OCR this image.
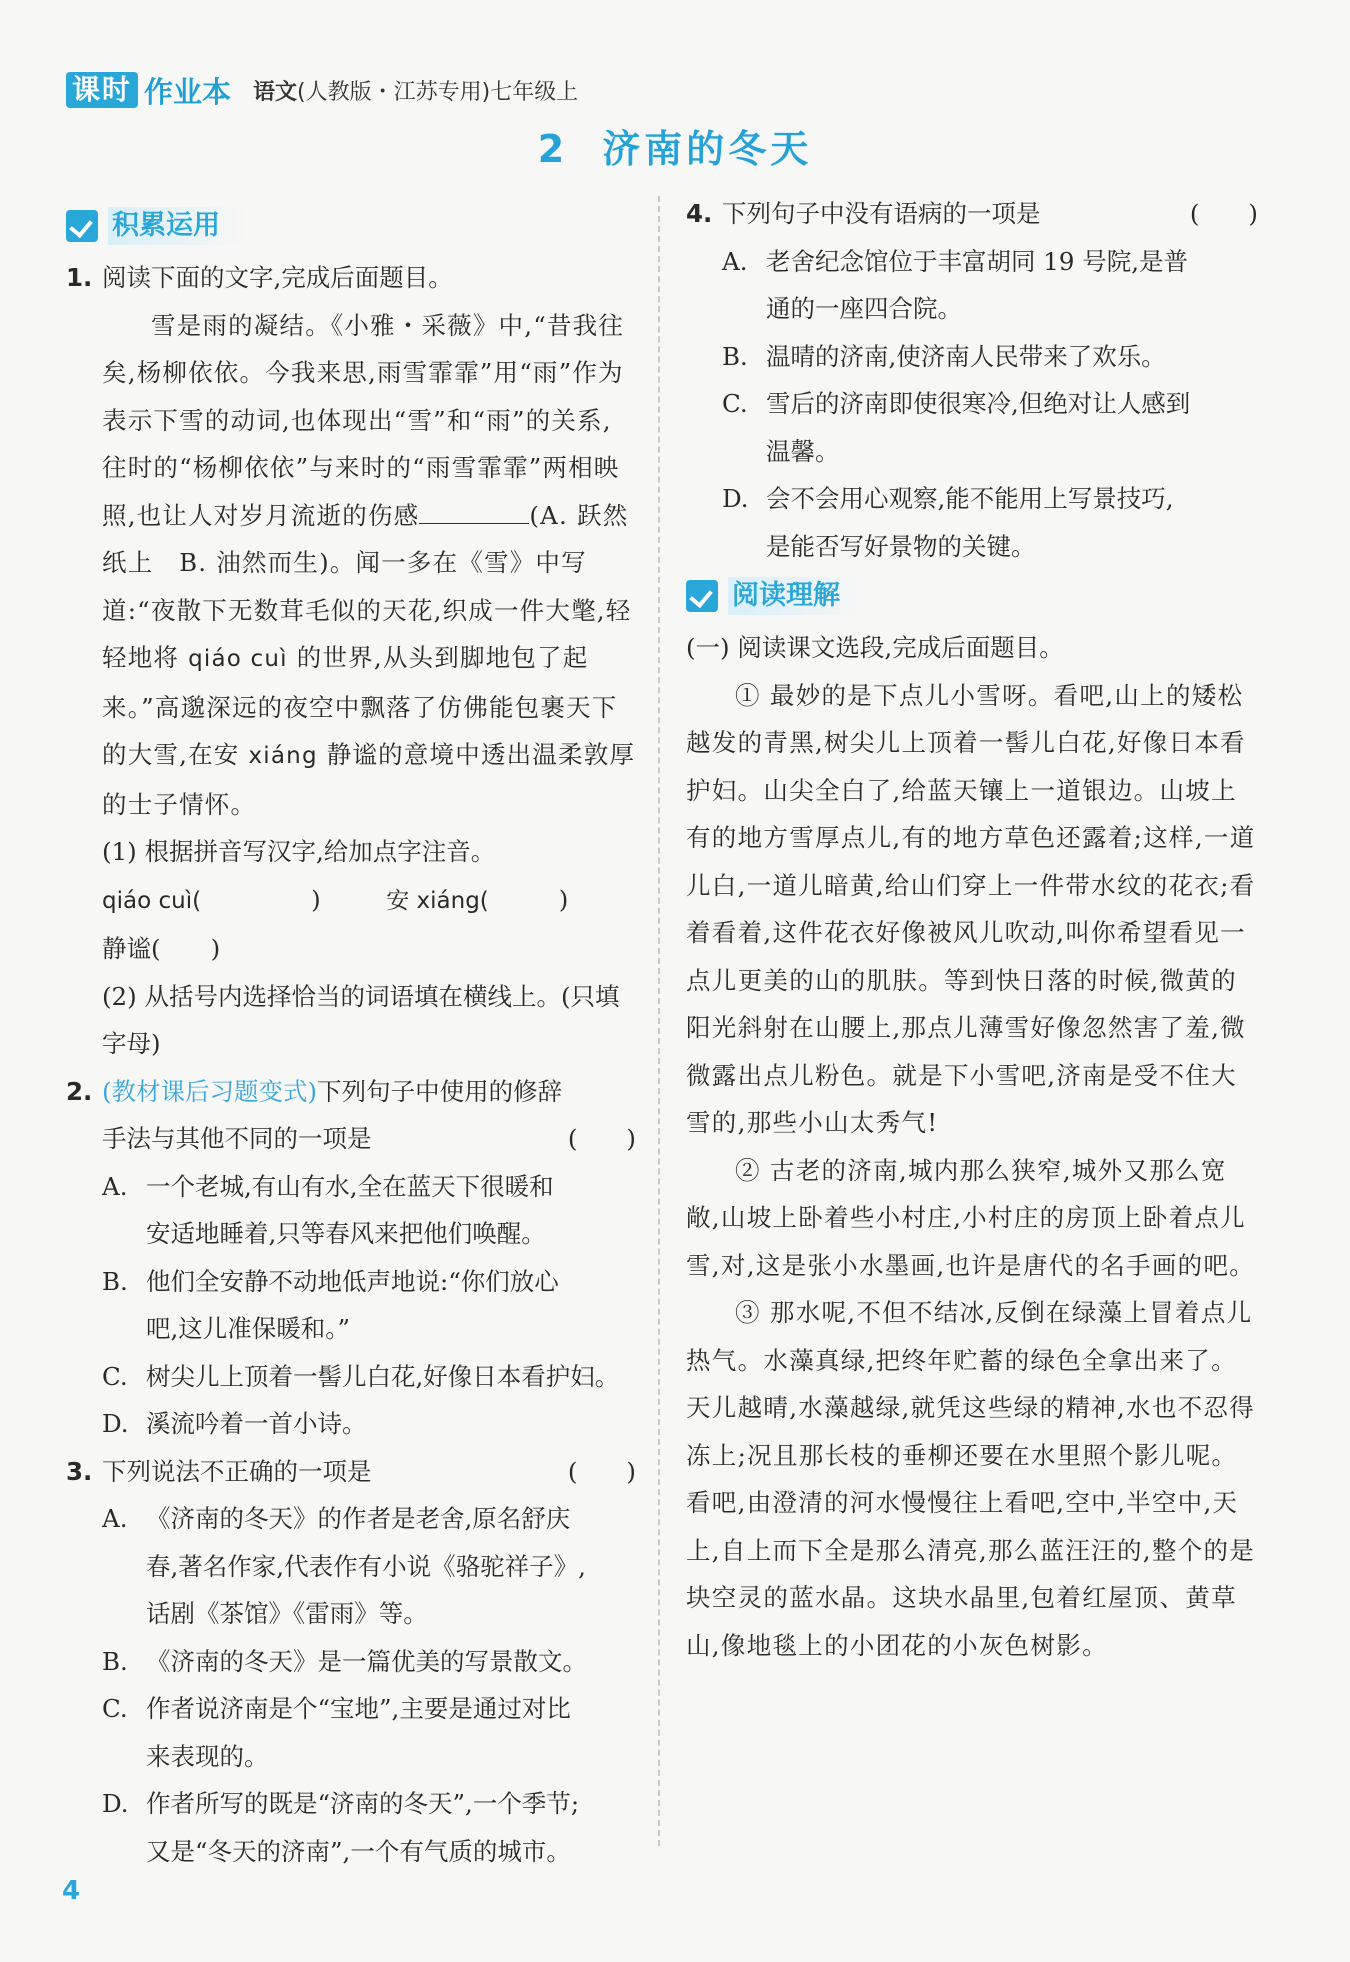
课时 作业本 语文(人教版・江苏专用)七年级上
2 济南的冬天
积累运用
1. 阅读下面的文字,完成后面题目。
雪是雨的凝结。《小雅・采薇》中,“昔我往矣,杨柳依依。今我来思,雨雪霏霏”用“雨”作为表示下雪的动词,也体现出“雪”和“雨”的关系,往时的“杨柳依依”与来时的“雨雪霏霏”两相映照,也让人对岁月流逝的伤感	(A. 跃然纸上　B. 油然而生)。闻一多在《雪》中写道:“夜散下无数茸毛似的天花,织成一件大氅,轻轻地将 qiáo cuì 的世界,从头到脚地包了起来。”高邈深远的夜空中飘落了仿佛能包裹天下的大雪,在安 xiáng 静谧的意境中透出温柔敦厚的士子情怀。
(1) 根据拼音写汉字,给加点字注音。
qiáo cuì(	)	安 xiáng(	)
静谧( )
(2) 从括号内选择恰当的词语填在横线上。(只填字母)
2. (教材课后习题变式)下列句子中使用的修辞
手法与其他不同的一项是	(　　)
A. 一个老城,有山有水,全在蓝天下很暖和
安适地睡着,只等春风来把他们唤醒。
B. 他们全安静不动地低声地说:“你们放心
吧,这儿准保暖和。”
C. 树尖儿上顶着一髻儿白花,好像日本看护妇。
D. 溪流吟着一首小诗。
3. 下列说法不正确的一项是	(　　)
A. 《济南的冬天》的作者是老舍,原名舒庆
春,著名作家,代表作有小说《骆驼祥子》,
话剧《茶馆》《雷雨》等。
B. 《济南的冬天》是一篇优美的写景散文。
C. 作者说济南是个“宝地”,主要是通过对比
来表现的。
D. 作者所写的既是“济南的冬天”,一个季节;
又是“冬天的济南”,一个有气质的城市。
4. 下列句子中没有语病的一项是	(　　)
A. 老舍纪念馆位于丰富胡同 19 号院,是普
通的一座四合院。
B. 温晴的济南,使济南人民带来了欢乐。
C. 雪后的济南即使很寒冷,但绝对让人感到
温馨。
D. 会不会用心观察,能不能用上写景技巧,
是能否写好景物的关键。
阅读理解
(一) 阅读课文选段,完成后面题目。
① 最妙的是下点儿小雪呀。看吧,山上的矮松越发的青黑,树尖儿上顶着一髻儿白花,好像日本看护妇。山尖全白了,给蓝天镶上一道银边。山坡上有的地方雪厚点儿,有的地方草色还露着;这样,一道儿白,一道儿暗黄,给山们穿上一件带水纹的花衣;看着看着,这件花衣好像被风儿吹动,叫你希望看见一点儿更美的山的肌肤。等到快日落的时候,微黄的阳光斜射在山腰上,那点儿薄雪好像忽然害了羞,微微露出点儿粉色。就是下小雪吧,济南是受不住大雪的,那些小山太秀气!
② 古老的济南,城内那么狭窄,城外又那么宽敞,山坡上卧着些小村庄,小村庄的房顶上卧着点儿雪,对,这是张小水墨画,也许是唐代的名手画的吧。
③ 那水呢,不但不结冰,反倒在绿藻上冒着点儿热气。水藻真绿,把终年贮蓄的绿色全拿出来了。天儿越晴,水藻越绿,就凭这些绿的精神,水也不忍得冻上;况且那长枝的垂柳还要在水里照个影儿呢。看吧,由澄清的河水慢慢往上看吧,空中,半空中,天上,自上而下全是那么清亮,那么蓝汪汪的,整个的是块空灵的蓝水晶。这块水晶里,包着红屋顶、黄草山,像地毯上的小团花的小灰色树影。
4
